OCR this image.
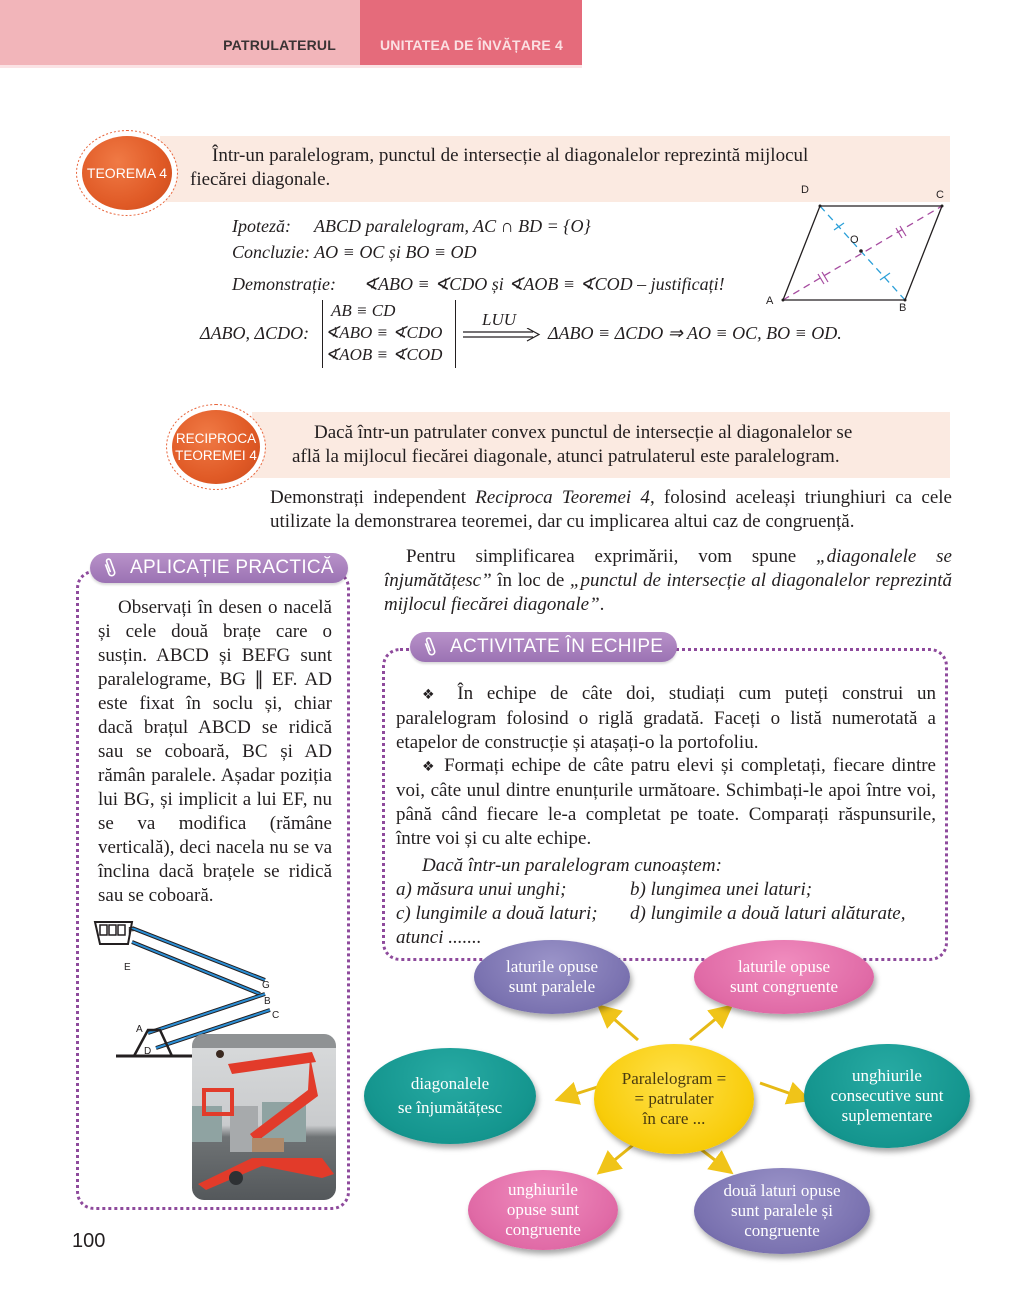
PATRULATERUL	UNITATEA DE ÎNVĂȚARE 4
TEOREMA 4
Într-un paralelogram, punctul de intersecție al diagonalelor reprezintă mijlocul
fiecărei diagonale.
Ipoteză: ABCD paralelogram, AC ∩ BD = {O}
Concluzie: AO ≡ OC și BO ≡ OD
Demonstrație: ∢ABO ≡ ∢CDO și ∢AOB ≡ ∢COD – justificați!
ΔABO, ΔCDO:
AB ≡ CD
∢ABO ≡ ∢CDO
∢AOB ≡ ∢COD
LUU
ΔABO ≡ ΔCDO ⇒ AO ≡ OC, BO ≡ OD.
A
B
C
D
O
RECIPROCA
TEOREMEI 4
Dacă într-un patrulater convex punctul de intersecție al diagonalelor se
află la mijlocul fiecărei diagonale, atunci patrulaterul este paralelogram.
Demonstrați independent Reciproca Teoremei 4, folosind aceleași triunghiuri ca cele utilizate la demonstrarea teoremei, dar cu implicarea altui caz de congruență.
Pentru simplificarea exprimării, vom spune „diagonalele se înjumătățesc” în loc de „punctul de intersecție al diagonalelor reprezintă mijlocul fiecărei diagonale”.
APLICAȚIE PRACTICĂ
Observați în desen o nacelă și cele două brațe care o susțin. ABCD și BEFG sunt paralelograme, BG ∥ EF. AD este fixat în soclu și, chiar dacă brațul ABCD se ridică sau se coboară, BC și AD rămân paralele. Așadar poziția lui BG, și implicit a lui EF, nu se va modifica (rămâne verticală), deci nacela nu se va înclina dacă brațele se ridică sau se coboară.
F
E
G
B
C
A
D
ACTIVITATE ÎN ECHIPE
❖ În echipe de câte doi, studiați cum puteți construi un paralelogram folosind o riglă gradată. Faceți o listă numerotată a etapelor de construcție și atașați-o la portofoliu.
❖ Formați echipe de câte patru elevi și completați, fiecare dintre voi, câte unul dintre enunțurile următoare. Schimbați-le apoi între voi, până când fiecare le-a completat pe toate. Comparați răspunsurile, între voi și cu alte echipe.
Dacă într-un paralelogram cunoaștem:
a) măsura unui unghi;	b) lungimea unei laturi;
c) lungimile a două laturi; d) lungimile a două laturi alăturate,
atunci .......
laturile opuse
sunt paralele
laturile opuse
sunt congruente
diagonalele
se înjumătățesc
Paralelogram =
= patrulater
în care ...
unghiurile
consecutive sunt
suplementare
unghiurile
opuse sunt
congruente
două laturi opuse
sunt paralele și
congruente
100
